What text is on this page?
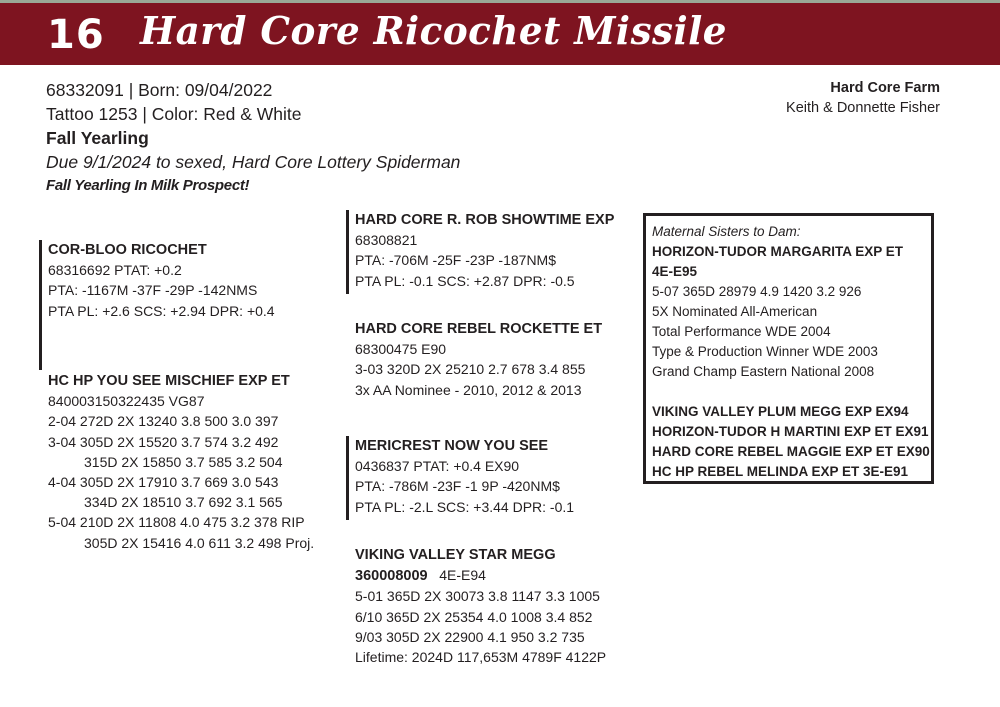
16 Hard Core Ricochet Missile
68332091 | Born: 09/04/2022
Tattoo 1253 | Color: Red & White
Fall Yearling
Due 9/1/2024 to sexed, Hard Core Lottery Spiderman
Fall Yearling In Milk Prospect!
Hard Core Farm
Keith & Donnette Fisher
COR-BLOO RICOCHET
68316692 PTAT: +0.2
PTA: -1167M -37F -29P -142NMS
PTA PL: +2.6 SCS: +2.94 DPR: +0.4
HC HP YOU SEE MISCHIEF EXP ET
840003150322435 VG87
2-04 272D 2X 13240 3.8 500 3.0 397
3-04 305D 2X 15520 3.7 574 3.2 492
315D 2X 15850 3.7 585 3.2 504
4-04 305D 2X 17910 3.7 669 3.0 543
334D 2X 18510 3.7 692 3.1 565
5-04 210D 2X 11808 4.0 475 3.2 378 RIP
305D 2X 15416 4.0 611 3.2 498 Proj.
HARD CORE R. ROB SHOWTIME EXP
68308821
PTA: -706M -25F -23P -187NM$
PTA PL: -0.1 SCS: +2.87 DPR: -0.5
HARD CORE REBEL ROCKETTE ET
68300475 E90
3-03 320D 2X 25210 2.7 678 3.4 855
3x AA Nominee - 2010, 2012 & 2013
MERICREST NOW YOU SEE
0436837 PTAT: +0.4 EX90
PTA: -786M -23F -1 9P -420NM$
PTA PL: -2.L SCS: +3.44 DPR: -0.1
VIKING VALLEY STAR MEGG
360008009 4E-E94
5-01 365D 2X 30073 3.8 1147 3.3 1005
6/10 365D 2X 25354 4.0 1008 3.4 852
9/03 305D 2X 22900 4.1 950 3.2 735
Lifetime: 2024D 117,653M 4789F 4122P
Maternal Sisters to Dam:
HORIZON-TUDOR MARGARITA EXP ET
4E-E95
5-07 365D 28979 4.9 1420 3.2 926
5X Nominated All-American
Total Performance WDE 2004
Type & Production Winner WDE 2003
Grand Champ Eastern National 2008
VIKING VALLEY PLUM MEGG EXP EX94
HORIZON-TUDOR H MARTINI EXP ET EX91
HARD CORE REBEL MAGGIE EXP ET EX90
HC HP REBEL MELINDA EXP ET 3E-E91
